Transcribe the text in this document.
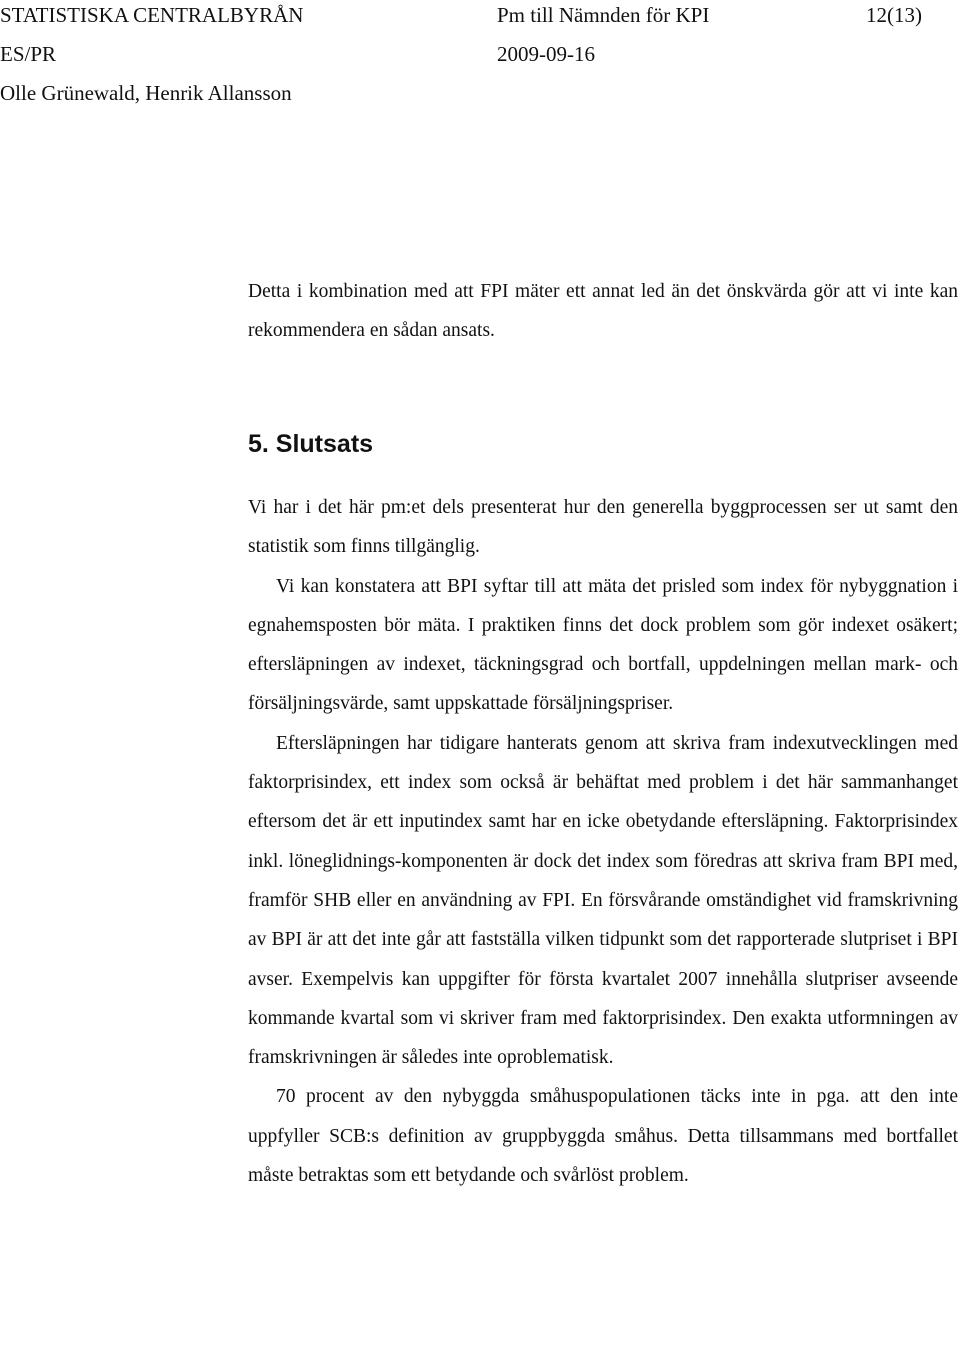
STATISTISKA CENTRALBYRÅN	Pm till Nämnden för KPI	12(13)
ES/PR	2009-09-16
Olle Grünewald, Henrik Allansson

Detta i kombination med att FPI mäter ett annat led än det önskvärda gör att vi inte kan rekommendera en sådan ansats.

5. Slutsats

Vi har i det här pm:et dels presenterat hur den generella byggprocessen ser ut samt den statistik som finns tillgänglig.

Vi kan konstatera att BPI syftar till att mäta det prisled som index för nybyggnation i egnahemsposten bör mäta. I praktiken finns det dock problem som gör indexet osäkert; eftersläpningen av indexet, täckningsgrad och bortfall, uppdelningen mellan mark- och försäljningsvärde, samt uppskattade försäljningspriser.

Eftersläpningen har tidigare hanterats genom att skriva fram indexutvecklingen med faktorprisindex, ett index som också är behäftat med problem i det här sammanhanget eftersom det är ett inputindex samt har en icke obetydande eftersläpning. Faktorprisindex inkl. löneglidnings-komponenten är dock det index som föredras att skriva fram BPI med, framför SHB eller en användning av FPI. En försvårande omständighet vid framskrivning av BPI är att det inte går att fastställa vilken tidpunkt som det rapporterade slutpriset i BPI avser. Exempelvis kan uppgifter för första kvartalet 2007 innehålla slutpriser avseende kommande kvartal som vi skriver fram med faktorprisindex. Den exakta utformningen av framskrivningen är således inte oproblematisk.

70 procent av den nybyggda småhuspopulationen täcks inte in pga. att den inte uppfyller SCB:s definition av gruppbyggda småhus. Detta tillsammans med bortfallet måste betraktas som ett betydande och svårlöst problem.
